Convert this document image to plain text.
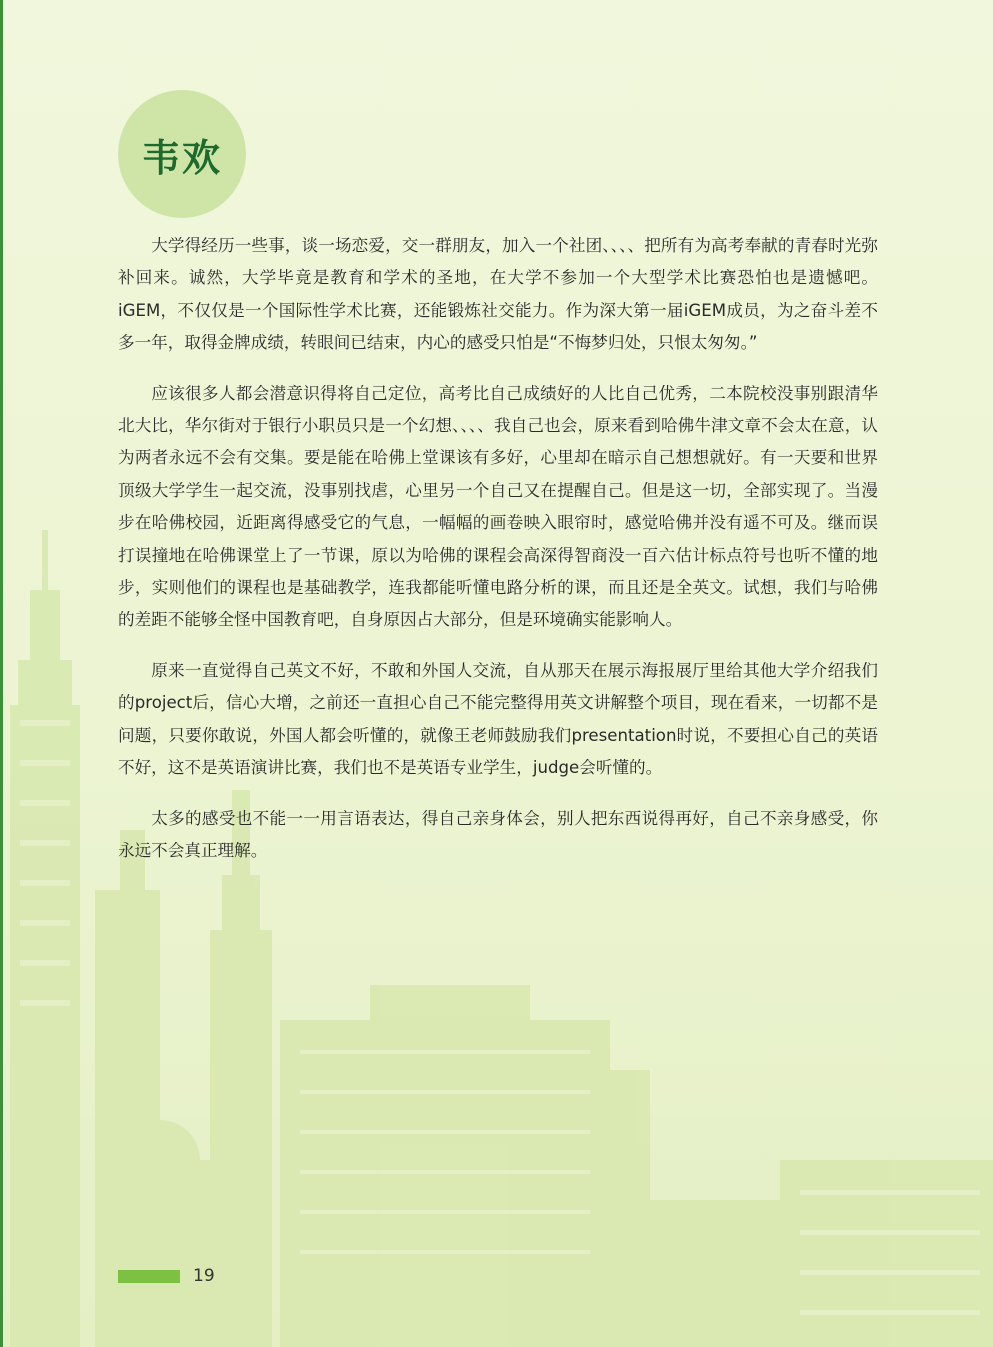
韦欢

大学得经历一些事，谈一场恋爱，交一群朋友，加入一个社团、、、、把所有为高考奉献的青春时光弥补回来。诚然，大学毕竟是教育和学术的圣地，在大学不参加一个大型学术比赛恐怕也是遗憾吧。iGEM，不仅仅是一个国际性学术比赛，还能锻炼社交能力。作为深大第一届iGEM成员，为之奋斗差不多一年，取得金牌成绩，转眼间已结束，内心的感受只怕是“不悔梦归处，只恨太匆匆。”

应该很多人都会潜意识得将自己定位，高考比自己成绩好的人比自己优秀，二本院校没事别跟清华北大比，华尔街对于银行小职员只是一个幻想、、、、我自己也会，原来看到哈佛牛津文章不会太在意，认为两者永远不会有交集。要是能在哈佛上堂课该有多好，心里却在暗示自己想想就好。有一天要和世界顶级大学学生一起交流，没事别找虐，心里另一个自己又在提醒自己。但是这一切，全部实现了。当漫步在哈佛校园，近距离得感受它的气息，一幅幅的画卷映入眼帘时，感觉哈佛并没有遥不可及。继而误打误撞地在哈佛课堂上了一节课，原以为哈佛的课程会高深得智商没一百六估计标点符号也听不懂的地步，实则他们的课程也是基础教学，连我都能听懂电路分析的课，而且还是全英文。试想，我们与哈佛的差距不能够全怪中国教育吧，自身原因占大部分，但是环境确实能影响人。

原来一直觉得自己英文不好，不敢和外国人交流，自从那天在展示海报展厅里给其他大学介绍我们的project后，信心大增，之前还一直担心自己不能完整得用英文讲解整个项目，现在看来，一切都不是问题，只要你敢说，外国人都会听懂的，就像王老师鼓励我们presentation时说，不要担心自己的英语不好，这不是英语演讲比赛，我们也不是英语专业学生，judge会听懂的。

太多的感受也不能一一用言语表达，得自己亲身体会，别人把东西说得再好，自己不亲身感受，你永远不会真正理解。

19
